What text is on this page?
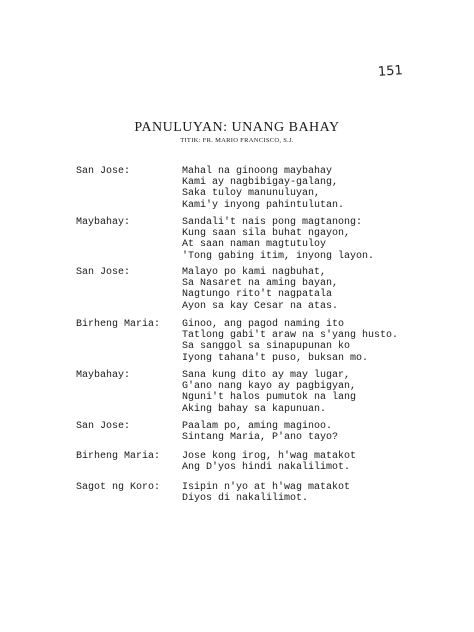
151
PANULUYAN: UNANG BAHAY
TITIK: FR. MARIO FRANCISCO, S.J.
San Jose:	Mahal na ginoong maybahay
Kami ay nagbibigay-galang,
Saka tuloy manunuluyan,
Kami'y inyong pahintulutan.
Maybahay:	Sandali't nais pong magtanong:
Kung saan sila buhat ngayon,
At saan naman magtutuloy
'Tong gabing itim, inyong layon.
San Jose:	Malayo po kami nagbuhat,
Sa Nasaret na aming bayan,
Nagtungo rito't nagpatala
Ayon sa kay Cesar na atas.
Birheng Maria:	Ginoo, ang pagod naming ito
Tatlong gabi't araw na s'yang husto.
Sa sanggol sa sinapupunan ko
Iyong tahana't puso, buksan mo.
Maybahay:	Sana kung dito ay may lugar,
G'ano nang kayo ay pagbigyan,
Nguni't halos pumutok na lang
Aking bahay sa kapunuan.
San Jose:	Paalam po, aming maginoo.
Sintang Maria, P'ano tayo?
Birheng Maria:	Jose kong irog, h'wag matakot
Ang D'yos hindi nakalilimot.
Sagot ng Koro:	Isipin n'yo at h'wag matakot
Diyos di nakalilimot.
